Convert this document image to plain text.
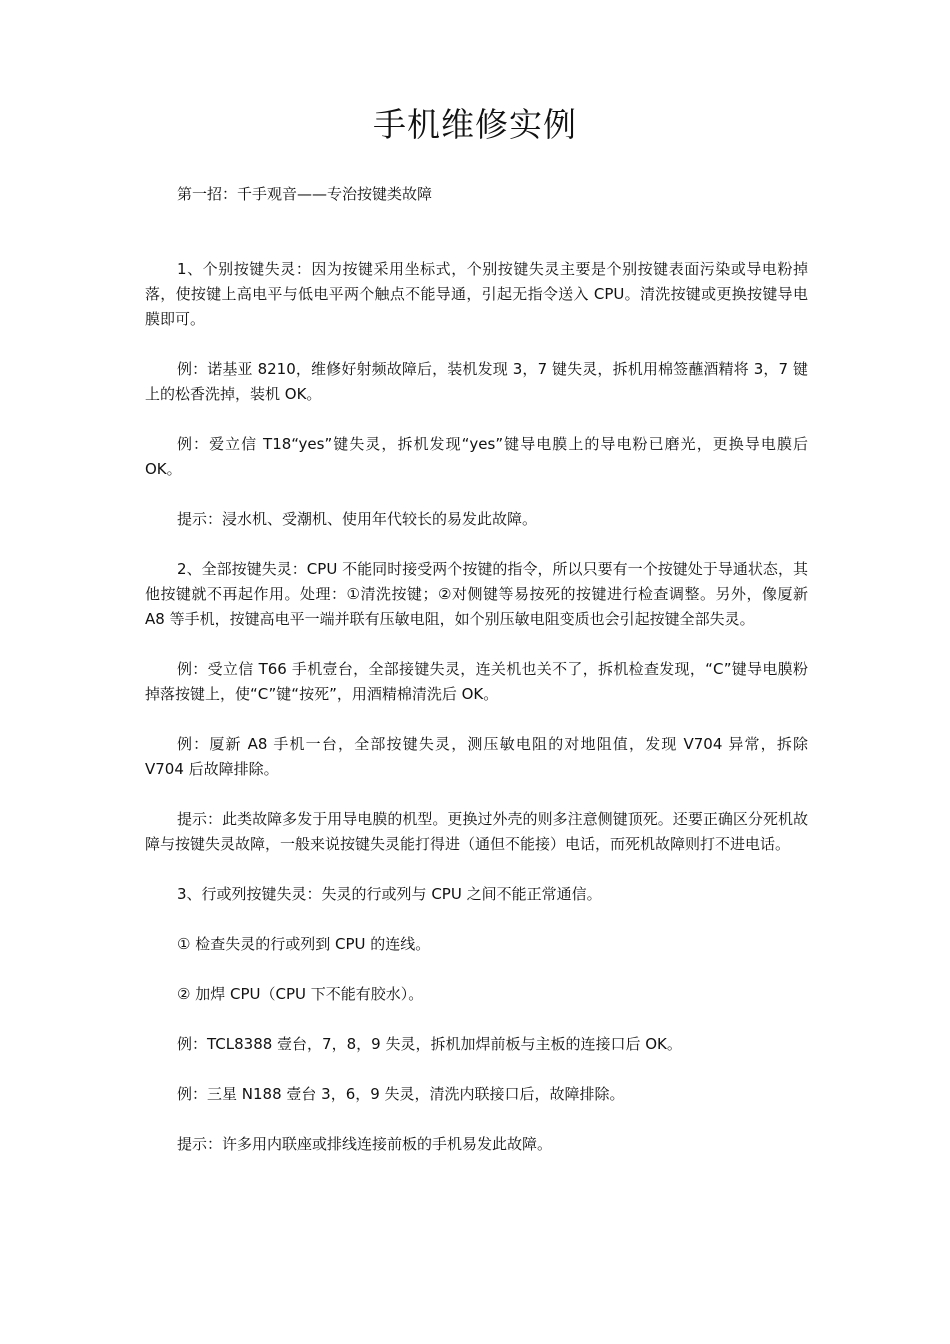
手机维修实例

第一招：千手观音——专治按键类故障

1、个别按键失灵：因为按键采用坐标式，个别按键失灵主要是个别按键表面污染或导电粉掉落，使按键上高电平与低电平两个触点不能导通，引起无指令送入 CPU。清洗按键或更换按键导电膜即可。

例：诺基亚 8210，维修好射频故障后，装机发现 3，7 键失灵，拆机用棉签蘸酒精将 3，7 键上的松香洗掉，装机 OK。

例：爱立信 T18“yes”键失灵，拆机发现“yes”键导电膜上的导电粉已磨光，更换导电膜后 OK。

提示：浸水机、受潮机、使用年代较长的易发此故障。

2、全部按键失灵：CPU 不能同时接受两个按键的指令，所以只要有一个按键处于导通状态，其他按键就不再起作用。处理：①清洗按键；②对侧键等易按死的按键进行检查调整。另外，像厦新 A8 等手机，按键高电平一端并联有压敏电阻，如个别压敏电阻变质也会引起按键全部失灵。

例：受立信 T66 手机壹台，全部接键失灵，连关机也关不了，拆机检查发现，“C”键导电膜粉掉落按键上，使“C”键“按死”，用酒精棉清洗后 OK。

例：厦新 A8 手机一台，全部按键失灵，测压敏电阻的对地阻值，发现 V704 异常，拆除 V704 后故障排除。

提示：此类故障多发于用导电膜的机型。更换过外壳的则多注意侧键顶死。还要正确区分死机故障与按键失灵故障，一般来说按键失灵能打得进（通但不能接）电话，而死机故障则打不进电话。

3、行或列按键失灵：失灵的行或列与 CPU 之间不能正常通信。

① 检查失灵的行或列到 CPU 的连线。

② 加焊 CPU（CPU 下不能有胶水）。

例：TCL8388 壹台，7，8，9 失灵，拆机加焊前板与主板的连接口后 OK。

例：三星 N188 壹台 3，6，9 失灵，清洗内联接口后，故障排除。

提示：许多用内联座或排线连接前板的手机易发此故障。
